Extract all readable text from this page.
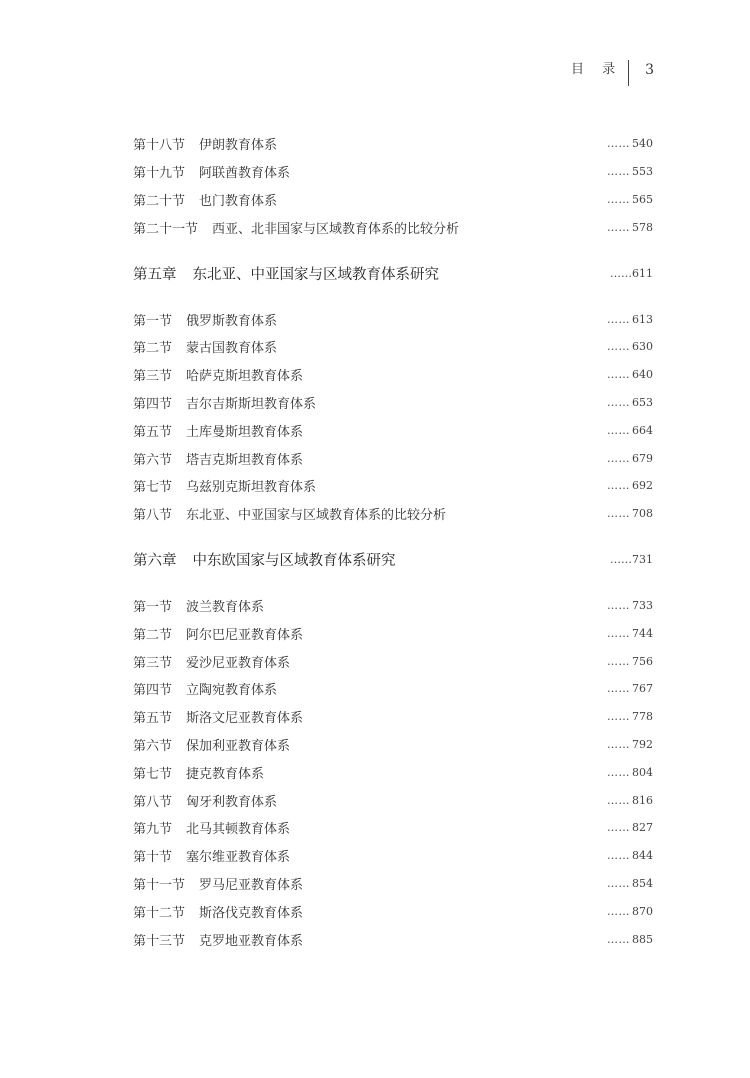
目 录 3
第十八节 伊朗教育体系	…… 540
第十九节 阿联酋教育体系	…… 553
第二十节 也门教育体系	…… 565
第二十一节 西亚、北非国家与区域教育体系的比较分析	…… 578
第五章 东北亚、中亚国家与区域教育体系研究	……611
第一节 俄罗斯教育体系	…… 613
第二节 蒙古国教育体系	…… 630
第三节 哈萨克斯坦教育体系	…… 640
第四节 吉尔吉斯斯坦教育体系	…… 653
第五节 土库曼斯坦教育体系	…… 664
第六节 塔吉克斯坦教育体系	…… 679
第七节 乌兹别克斯坦教育体系	…… 692
第八节 东北亚、中亚国家与区域教育体系的比较分析	…… 708
第六章 中东欧国家与区域教育体系研究	……731
第一节 波兰教育体系	…… 733
第二节 阿尔巴尼亚教育体系	…… 744
第三节 爱沙尼亚教育体系	…… 756
第四节 立陶宛教育体系	…… 767
第五节 斯洛文尼亚教育体系	…… 778
第六节 保加利亚教育体系	…… 792
第七节 捷克教育体系	…… 804
第八节 匈牙利教育体系	…… 816
第九节 北马其顿教育体系	…… 827
第十节 塞尔维亚教育体系	…… 844
第十一节 罗马尼亚教育体系	…… 854
第十二节 斯洛伐克教育体系	…… 870
第十三节 克罗地亚教育体系	…… 885
